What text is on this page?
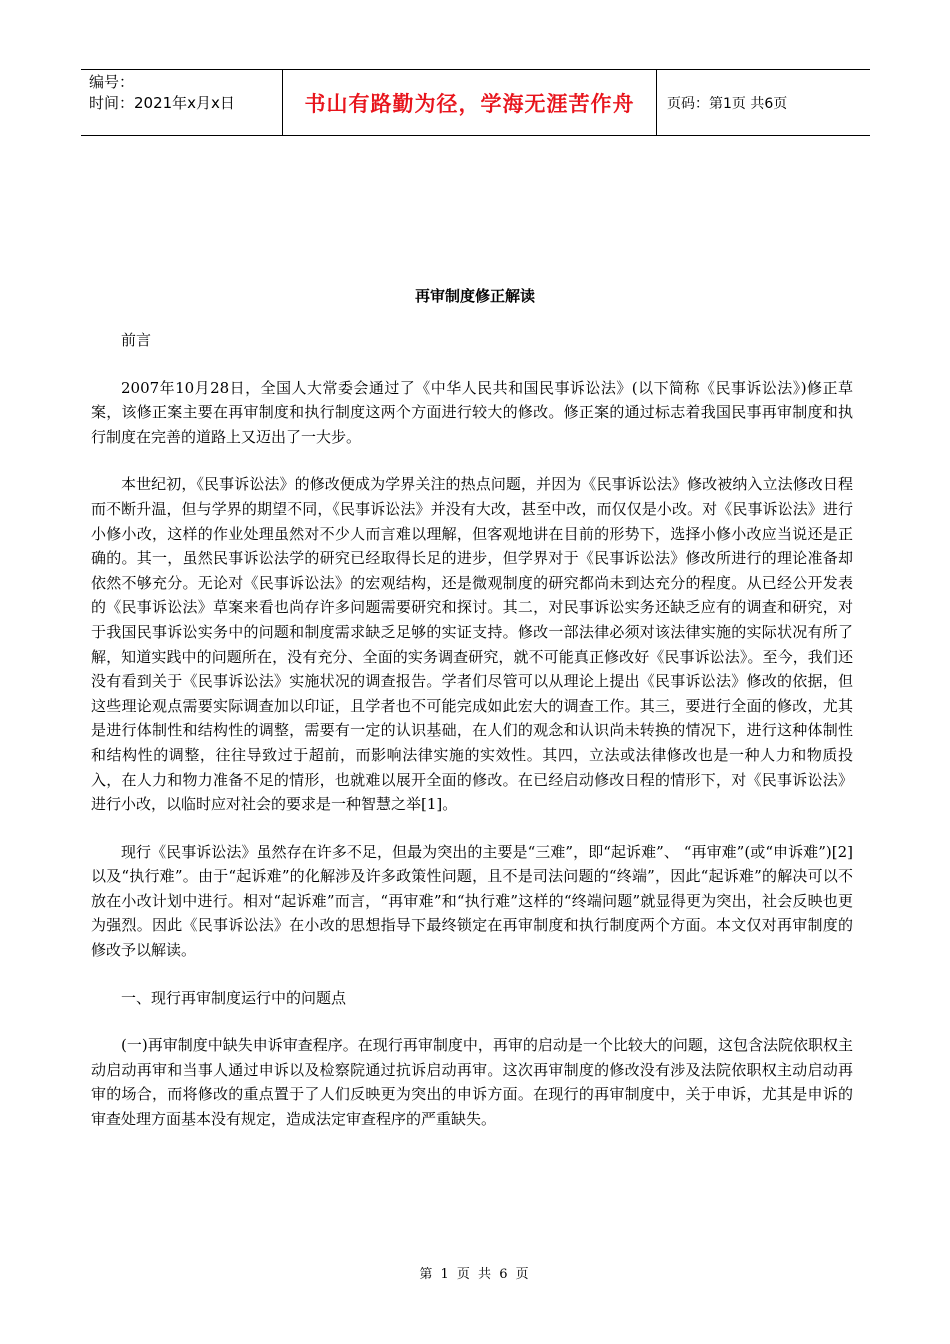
编号：
时间：2021年x月x日	书山有路勤为径，学海无涯苦作舟	页码：第1页 共6页
再审制度修正解读

前言

2007年10月28日，全国人大常委会通过了《中华人民共和国民事诉讼法》(以下简称《民事诉讼法》)修正草案，该修正案主要在再审制度和执行制度这两个方面进行较大的修改。修正案的通过标志着我国民事再审制度和执行制度在完善的道路上又迈出了一大步。

本世纪初，《民事诉讼法》的修改便成为学界关注的热点问题，并因为《民事诉讼法》修改被纳入立法修改日程而不断升温，但与学界的期望不同，《民事诉讼法》并没有大改，甚至中改，而仅仅是小改。对《民事诉讼法》进行小修小改，这样的作业处理虽然对不少人而言难以理解，但客观地讲在目前的形势下，选择小修小改应当说还是正确的。其一，虽然民事诉讼法学的研究已经取得长足的进步，但学界对于《民事诉讼法》修改所进行的理论准备却依然不够充分。无论对《民事诉讼法》的宏观结构，还是微观制度的研究都尚未到达充分的程度。从已经公开发表的《民事诉讼法》草案来看也尚存许多问题需要研究和探讨。其二，对民事诉讼实务还缺乏应有的调查和研究，对于我国民事诉讼实务中的问题和制度需求缺乏足够的实证支持。修改一部法律必须对该法律实施的实际状况有所了解，知道实践中的问题所在，没有充分、全面的实务调查研究，就不可能真正修改好《民事诉讼法》。至今，我们还没有看到关于《民事诉讼法》实施状况的调查报告。学者们尽管可以从理论上提出《民事诉讼法》修改的依据，但这些理论观点需要实际调查加以印证，且学者也不可能完成如此宏大的调查工作。其三，要进行全面的修改，尤其是进行体制性和结构性的调整，需要有一定的认识基础，在人们的观念和认识尚未转换的情况下，进行这种体制性和结构性的调整，往往导致过于超前，而影响法律实施的实效性。其四，立法或法律修改也是一种人力和物质投入，在人力和物力准备不足的情形，也就难以展开全面的修改。在已经启动修改日程的情形下，对《民事诉讼法》进行小改，以临时应对社会的要求是一种智慧之举[1]。

现行《民事诉讼法》虽然存在许多不足，但最为突出的主要是“三难”，即“起诉难”、 “再审难”(或“申诉难”)[2]以及“执行难”。由于“起诉难”的化解涉及许多政策性问题，且不是司法问题的“终端”，因此“起诉难”的解决可以不放在小改计划中进行。相对“起诉难”而言，“再审难”和“执行难”这样的“终端问题”就显得更为突出，社会反映也更为强烈。因此《民事诉讼法》在小改的思想指导下最终锁定在再审制度和执行制度两个方面。本文仅对再审制度的修改予以解读。

一、现行再审制度运行中的问题点

(一)再审制度中缺失申诉审查程序。在现行再审制度中，再审的启动是一个比较大的问题，这包含法院依职权主动启动再审和当事人通过申诉以及检察院通过抗诉启动再审。这次再审制度的修改没有涉及法院依职权主动启动再审的场合，而将修改的重点置于了人们反映更为突出的申诉方面。在现行的再审制度中，关于申诉，尤其是申诉的审查处理方面基本没有规定，造成法定审查程序的严重缺失。

第 1 页 共 6 页
